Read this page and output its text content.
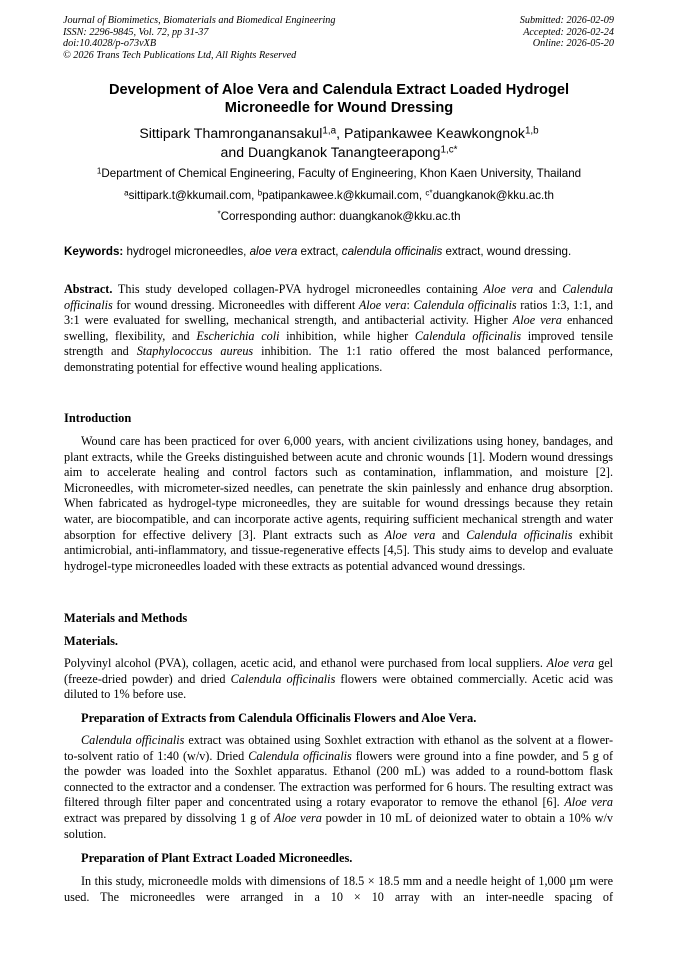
Journal of Biomimetics, Biomaterials and Biomedical Engineering
ISSN: 2296-9845, Vol. 72, pp 31-37
doi:10.4028/p-o73vXB
© 2026 Trans Tech Publications Ltd, All Rights Reserved
Submitted: 2026-02-09
Accepted: 2026-02-24
Online: 2026-05-20
Development of Aloe Vera and Calendula Extract Loaded Hydrogel
Microneedle for Wound Dressing
Sittipark Thamronganansakul$^{1,a}$, Patipankawee Keawkongnok$^{1,b}$
and Duangkanok Tanangteerapong$^{1,c*}$
$^1$Department of Chemical Engineering, Faculty of Engineering, Khon Kaen University, Thailand
$^a$sittipark.t@kkumail.com, $^b$patipankawee.k@kkumail.com, $^{c*}$duangkanok@kku.ac.th
*Corresponding author: duangkanok@kku.ac.th
Keywords: hydrogel microneedles, aloe vera extract, calendula officinalis extract, wound dressing.
Abstract. This study developed collagen-PVA hydrogel microneedles containing Aloe vera and Calendula officinalis for wound dressing. Microneedles with different Aloe vera: Calendula officinalis ratios 1:3, 1:1, and 3:1 were evaluated for swelling, mechanical strength, and antibacterial activity. Higher Aloe vera enhanced swelling, flexibility, and Escherichia coli inhibition, while higher Calendula officinalis improved tensile strength and Staphylococcus aureus inhibition. The 1:1 ratio offered the most balanced performance, demonstrating potential for effective wound healing applications.
Introduction
Wound care has been practiced for over 6,000 years, with ancient civilizations using honey, bandages, and plant extracts, while the Greeks distinguished between acute and chronic wounds [1]. Modern wound dressings aim to accelerate healing and control factors such as contamination, inflammation, and moisture [2]. Microneedles, with micrometer-sized needles, can penetrate the skin painlessly and enhance drug absorption. When fabricated as hydrogel-type microneedles, they are suitable for wound dressings because they retain water, are biocompatible, and can incorporate active agents, requiring sufficient mechanical strength and water absorption for effective delivery [3]. Plant extracts such as Aloe vera and Calendula officinalis exhibit antimicrobial, anti-inflammatory, and tissue-regenerative effects [4,5]. This study aims to develop and evaluate hydrogel-type microneedles loaded with these extracts as potential advanced wound dressings.
Materials and Methods
Materials.
Polyvinyl alcohol (PVA), collagen, acetic acid, and ethanol were purchased from local suppliers. Aloe vera gel (freeze-dried powder) and dried Calendula officinalis flowers were obtained commercially. Acetic acid was diluted to 1% before use.
Preparation of Extracts from Calendula Officinalis Flowers and Aloe Vera.
Calendula officinalis extract was obtained using Soxhlet extraction with ethanol as the solvent at a flower-to-solvent ratio of 1:40 (w/v). Dried Calendula officinalis flowers were ground into a fine powder, and 5 g of the powder was loaded into the Soxhlet apparatus. Ethanol (200 mL) was added to a round-bottom flask connected to the extractor and a condenser. The extraction was performed for 6 hours. The resulting extract was filtered through filter paper and concentrated using a rotary evaporator to remove the ethanol [6]. Aloe vera extract was prepared by dissolving 1 g of Aloe vera powder in 10 mL of deionized water to obtain a 10% w/v solution.
Preparation of Plant Extract Loaded Microneedles.
In this study, microneedle molds with dimensions of 18.5 × 18.5 mm and a needle height of 1,000 µm were used. The microneedles were arranged in a 10 × 10 array with an inter-needle spacing of
